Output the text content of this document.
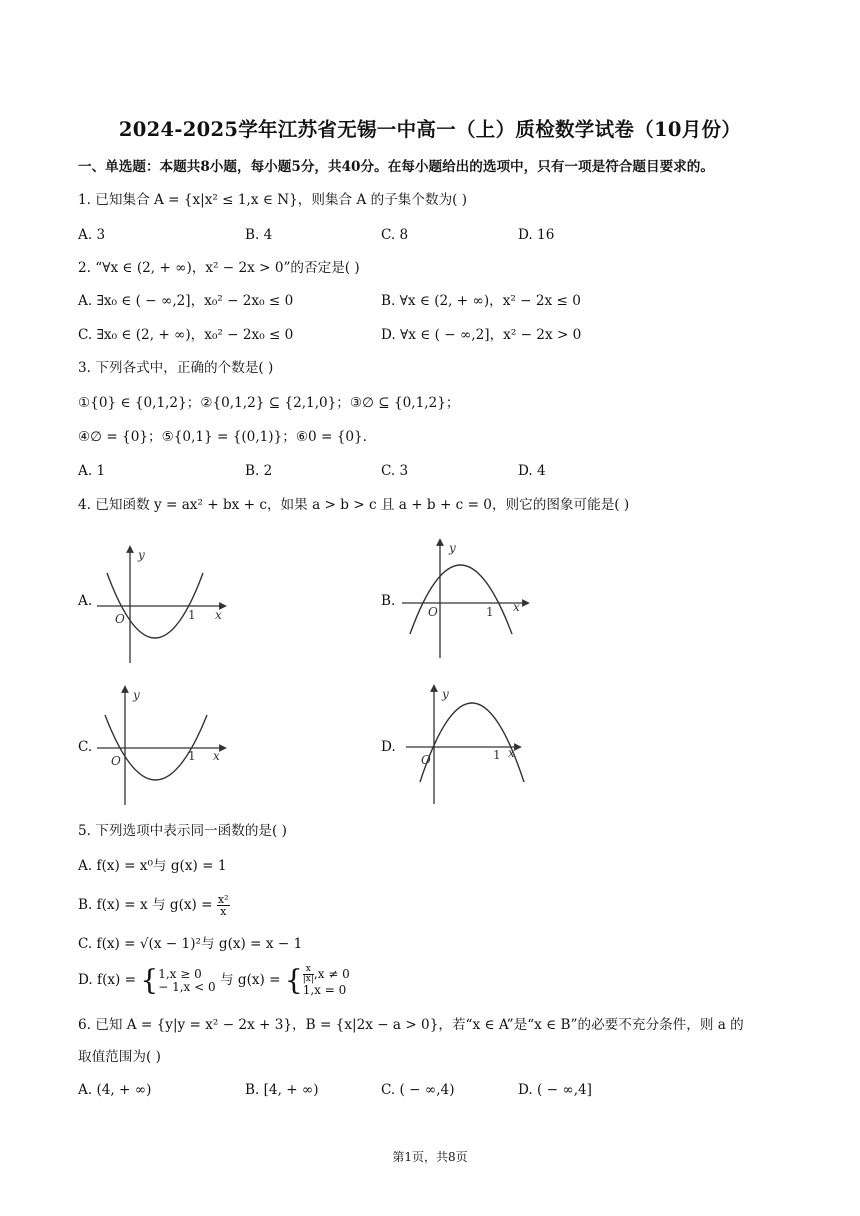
2024-2025学年江苏省无锡一中高一（上）质检数学试卷（10月份）
一、单选题：本题共8小题，每小题5分，共40分。在每小题给出的选项中，只有一项是符合题目要求的。
1. 已知集合 A = {x|x² ≤ 1,x ∈ N}，则集合 A 的子集个数为( )
A. 3	B. 4	C. 8	D. 16
2. “∀x ∈ (2, + ∞)，x² − 2x > 0”的否定是( )
A. ∃x₀ ∈ ( − ∞,2]，x₀² − 2x₀ ≤ 0	B. ∀x ∈ (2, + ∞)，x² − 2x ≤ 0
C. ∃x₀ ∈ (2, + ∞)，x₀² − 2x₀ ≤ 0	D. ∀x ∈ ( − ∞,2]，x² − 2x > 0
3. 下列各式中，正确的个数是( )
①{0} ∈ {0,1,2}；②{0,1,2} ⊆ {2,1,0}；③∅ ⊆ {0,1,2}；
④∅ = {0}；⑤{0,1} = {(0,1)}；⑥0 = {0}.
A. 1	B. 2	C. 3	D. 4
4. 已知函数 y = ax² + bx + c，如果 a > b > c 且 a + b + c = 0，则它的图象可能是( )
A.	B.
C.	D.
y
x
O	1
y
x
O	1
y
x
O	1
y
x
O	1
5. 下列选项中表示同一函数的是( )
A. f(x) = x⁰与 g(x) = 1
B. f(x) = x 与 $g(x) = \frac{\text{x²}}{x}$
C. f(x) = √(x − 1)²与 g(x) = x − 1
D. f(x) = { 1,x ≥ 0
− 1,x < 0 与 g(x) = { $\frac{x}{|x|} ,x \ne 0$
1,x = 0
6. 已知 A = {y|y = x² − 2x + 3}，B = {x|2x − a > 0}，若“x ∈ A”是“x ∈ B”的必要不充分条件，则 a 的
取值范围为( )
A. (4, + ∞)	B. [4, + ∞)	C. ( − ∞,4)	D. ( − ∞,4]
第1页，共8页
